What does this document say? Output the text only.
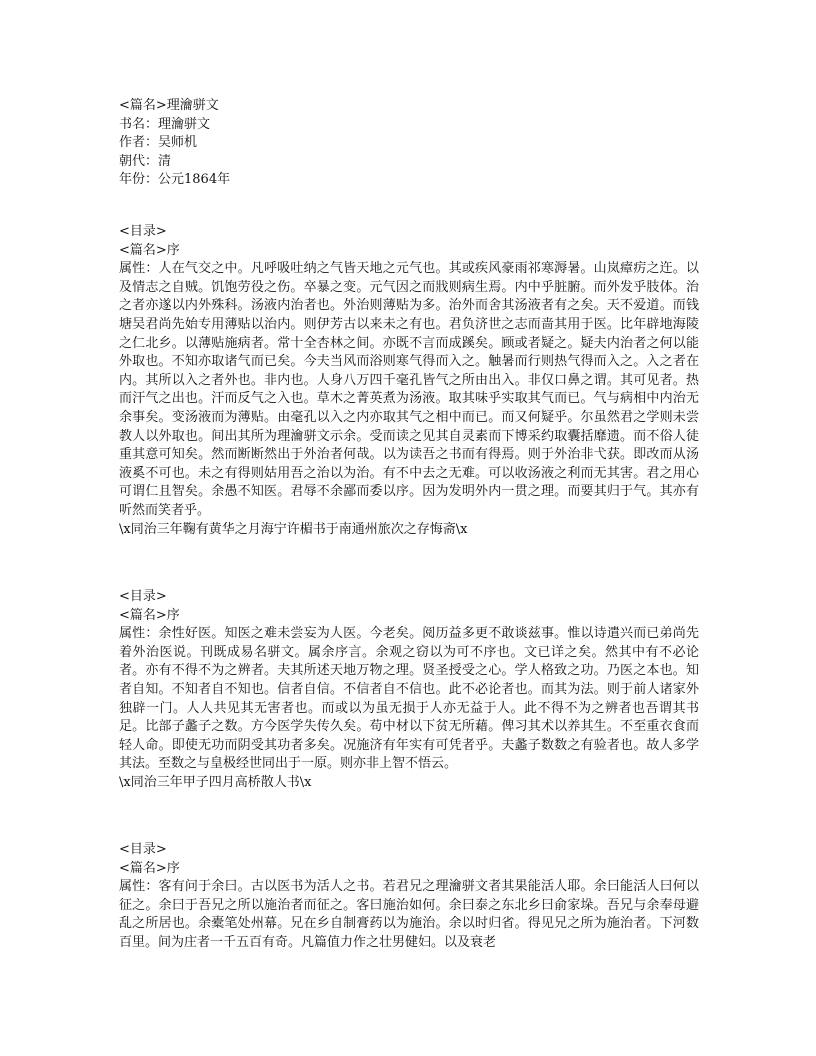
<篇名>理瀹骈文
书名：理瀹骈文
作者：吴师机
朝代：清
年份：公元1864年
<目录>
<篇名>序
属性：人在气交之中。凡呼吸吐纳之气皆天地之元气也。其或疾风豪雨祁寒溽暑。山岚瘴疠之迕。以及情志之自贼。饥饱劳役之伤。卒暴之变。元气因之而戕则病生焉。内中乎脏腑。而外发乎肢体。治之者亦遂以内外殊科。汤液内治者也。外治则薄贴为多。治外而舍其汤液者有之矣。天不爱道。而钱塘吴君尚先始专用薄贴以治内。则伊芳古以来未之有也。君负济世之志而啬其用于医。比年辟地海陵之仁北乡。以薄贴施病者。常十全杏林之间。亦既不言而成蹊矣。顾或者疑之。疑夫内治者之何以能外取也。不知亦取诸气而已矣。今夫当风而浴则寒气得而入之。触暑而行则热气得而入之。入之者在内。其所以入之者外也。非内也。人身八万四千毫孔皆气之所由出入。非仅口鼻之谓。其可见者。热而汗气之出也。汗而反气之入也。草木之菁英煮为汤液。取其味乎实取其气而已。气与病相中内治无余事矣。变汤液而为薄贴。由毫孔以入之内亦取其气之相中而已。而又何疑乎。尔虽然君之学则未尝教人以外取也。间出其所为理瀹骈文示余。受而读之见其自灵素而下博采约取囊括靡遗。而不俗人徒重其意可知矣。然而断断然出于外治者何哉。以为读吾之书而有得焉。则于外治非弋获。即改而从汤液奚不可也。未之有得则姑用吾之治以为治。有不中去之无难。可以收汤液之利而无其害。君之用心可谓仁且智矣。余愚不知医。君辱不余鄙而委以序。因为发明外内一贯之理。而要其归于气。其亦有听然而笑者乎。
\x同治三年鞠有黄华之月海宁许楣书于南通州旅次之存悔斋\x
<目录>
<篇名>序
属性：余性好医。知医之难未尝妄为人医。今老矣。阅历益多更不敢谈兹事。惟以诗遣兴而已弟尚先着外治医说。刊既成易名骈文。属余序言。余观之窃以为可不序也。文已详之矣。然其中有不必论者。亦有不得不为之辨者。夫其所述天地万物之理。贤圣授受之心。学人格致之功。乃医之本也。知者自知。不知者自不知也。信者自信。不信者自不信也。此不必论者也。而其为法。则于前人诸家外独辟一门。人人共见其无害者也。而或以为虽无损于人亦无益于人。此不得不为之辨者也吾谓其书足。比部子蠡子之数。方今医学失传久矣。苟中材以下贫无所藉。俾习其术以养其生。不至重衣食而轻人命。即使无功而阴受其功者多矣。况施济有年实有可凭者乎。夫蠡子数数之有验者也。故人多学其法。至数之与皇极经世同出于一原。则亦非上智不悟云。
\x同治三年甲子四月高桥散人书\x
<目录>
<篇名>序
属性：客有问于余曰。古以医书为活人之书。若君兄之理瀹骈文者其果能活人耶。余曰能活人曰何以征之。余曰于吾兄之所以施治者而征之。客曰施治如何。余曰泰之东北乡曰俞家垛。吾兄与余奉母避乱之所居也。余橐笔处州幕。兄在乡自制膏药以为施治。余以时归省。得见兄之所为施治者。下河数百里。间为庄者一千五百有奇。凡篇值力作之壮男健妇。以及衰老
